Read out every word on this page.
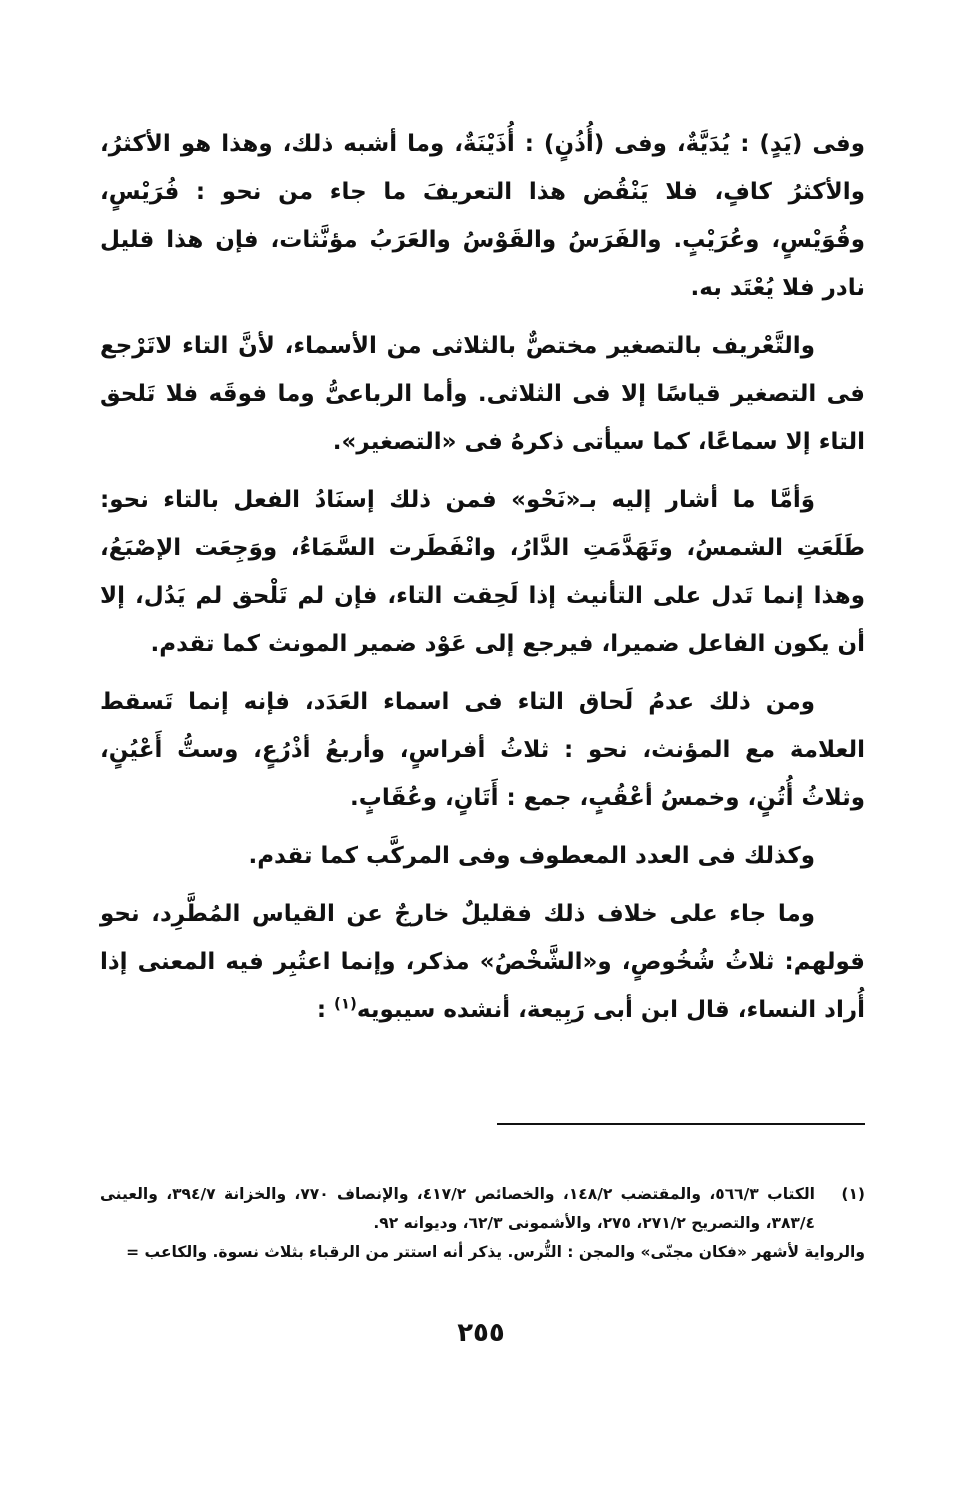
وفى (يَدٍ) : يُدَيَّةٌ، وفى (أُذُنٍ) : أُذَيْنَةٌ، وما أشبه ذلك، وهذا هو الأكثرُ، والأكثرُ كافٍ، فلا يَنْقُض هذا التعريفَ ما جاء من نحو : فُرَيْسٍ، وقُوَيْسٍ، وعُرَيْبٍ. والفَرَسُ والقَوْسُ والعَرَبُ مؤنَّثات، فإن هذا قليل نادر فلا يُعْتَد به.

والتَّعْريف بالتصغير مختصٌّ بالثلاثى من الأسماء، لأنَّ التاء لاتَرْجع فى التصغير قياسًا إلا فى الثلاثى. وأما الرباعىُّ وما فوقَه فلا تَلحق التاء إلا سماعًا، كما سيأتى ذكرهُ فى «التصغير».

وَأمَّا ما أشار إليه بـ«نَحْو» فمن ذلك إسنَادُ الفعل بالتاء نحو: طَلَعَتِ الشمسُ، وتَهَدَّمَتِ الدَّارُ، وانْفَطَرت السَّمَاءُ، ووَجِعَت الإصْبَعُ، وهذا إنما تَدل على التأنيث إذا لَحِقت التاء، فإن لم تَلْحق لم يَدُل، إلا أن يكون الفاعل ضميرا، فيرجع إلى عَوْد ضمير المونث كما تقدم.

ومن ذلك عدمُ لَحاق التاء فى اسماء العَدَد، فإنه إنما تَسقط العلامة مع المؤنث، نحو : ثلاثُ أفراسٍ، وأربعُ أذْرُعٍ، وستُّ أَعْيُنٍ، وثلاثُ أُتُنٍ، وخمسُ أعْقُبٍ، جمع : أَتَانٍ، وعُقَابٍ.

وكذلك فى العدد المعطوف وفى المركَّب كما تقدم.

وما جاء على خلاف ذلك فقليلٌ خارجٌ عن القياس المُطَّرِد، نحو قولهم: ثلاثُ شُخُوصٍ، و«الشَّخْصُ» مذكر، وإنما اعتُبِر فيه المعنى إذا أُراد النساء، قال ابن أبى رَبِيعة، أنشده سيبويه$^{(١)}$ :

(١)
الكتاب ٥٦٦/٣، والمقتضب ١٤٨/٢، والخصائص ٤١٧/٢، والإنصاف ٧٧٠، والخزانة ٣٩٤/٧، والعينى ٣٨٣/٤، والتصريح ٢٧١/٢، ٢٧٥، والأشمونى ٦٢/٣، وديوانه ٩٢.

والرواية لأشهر «فكان مجنّى» والمجن : التُّرس. يذكر أنه استتر من الرقباء بثلاث نسوة. والكاعب =

٢٥٥
